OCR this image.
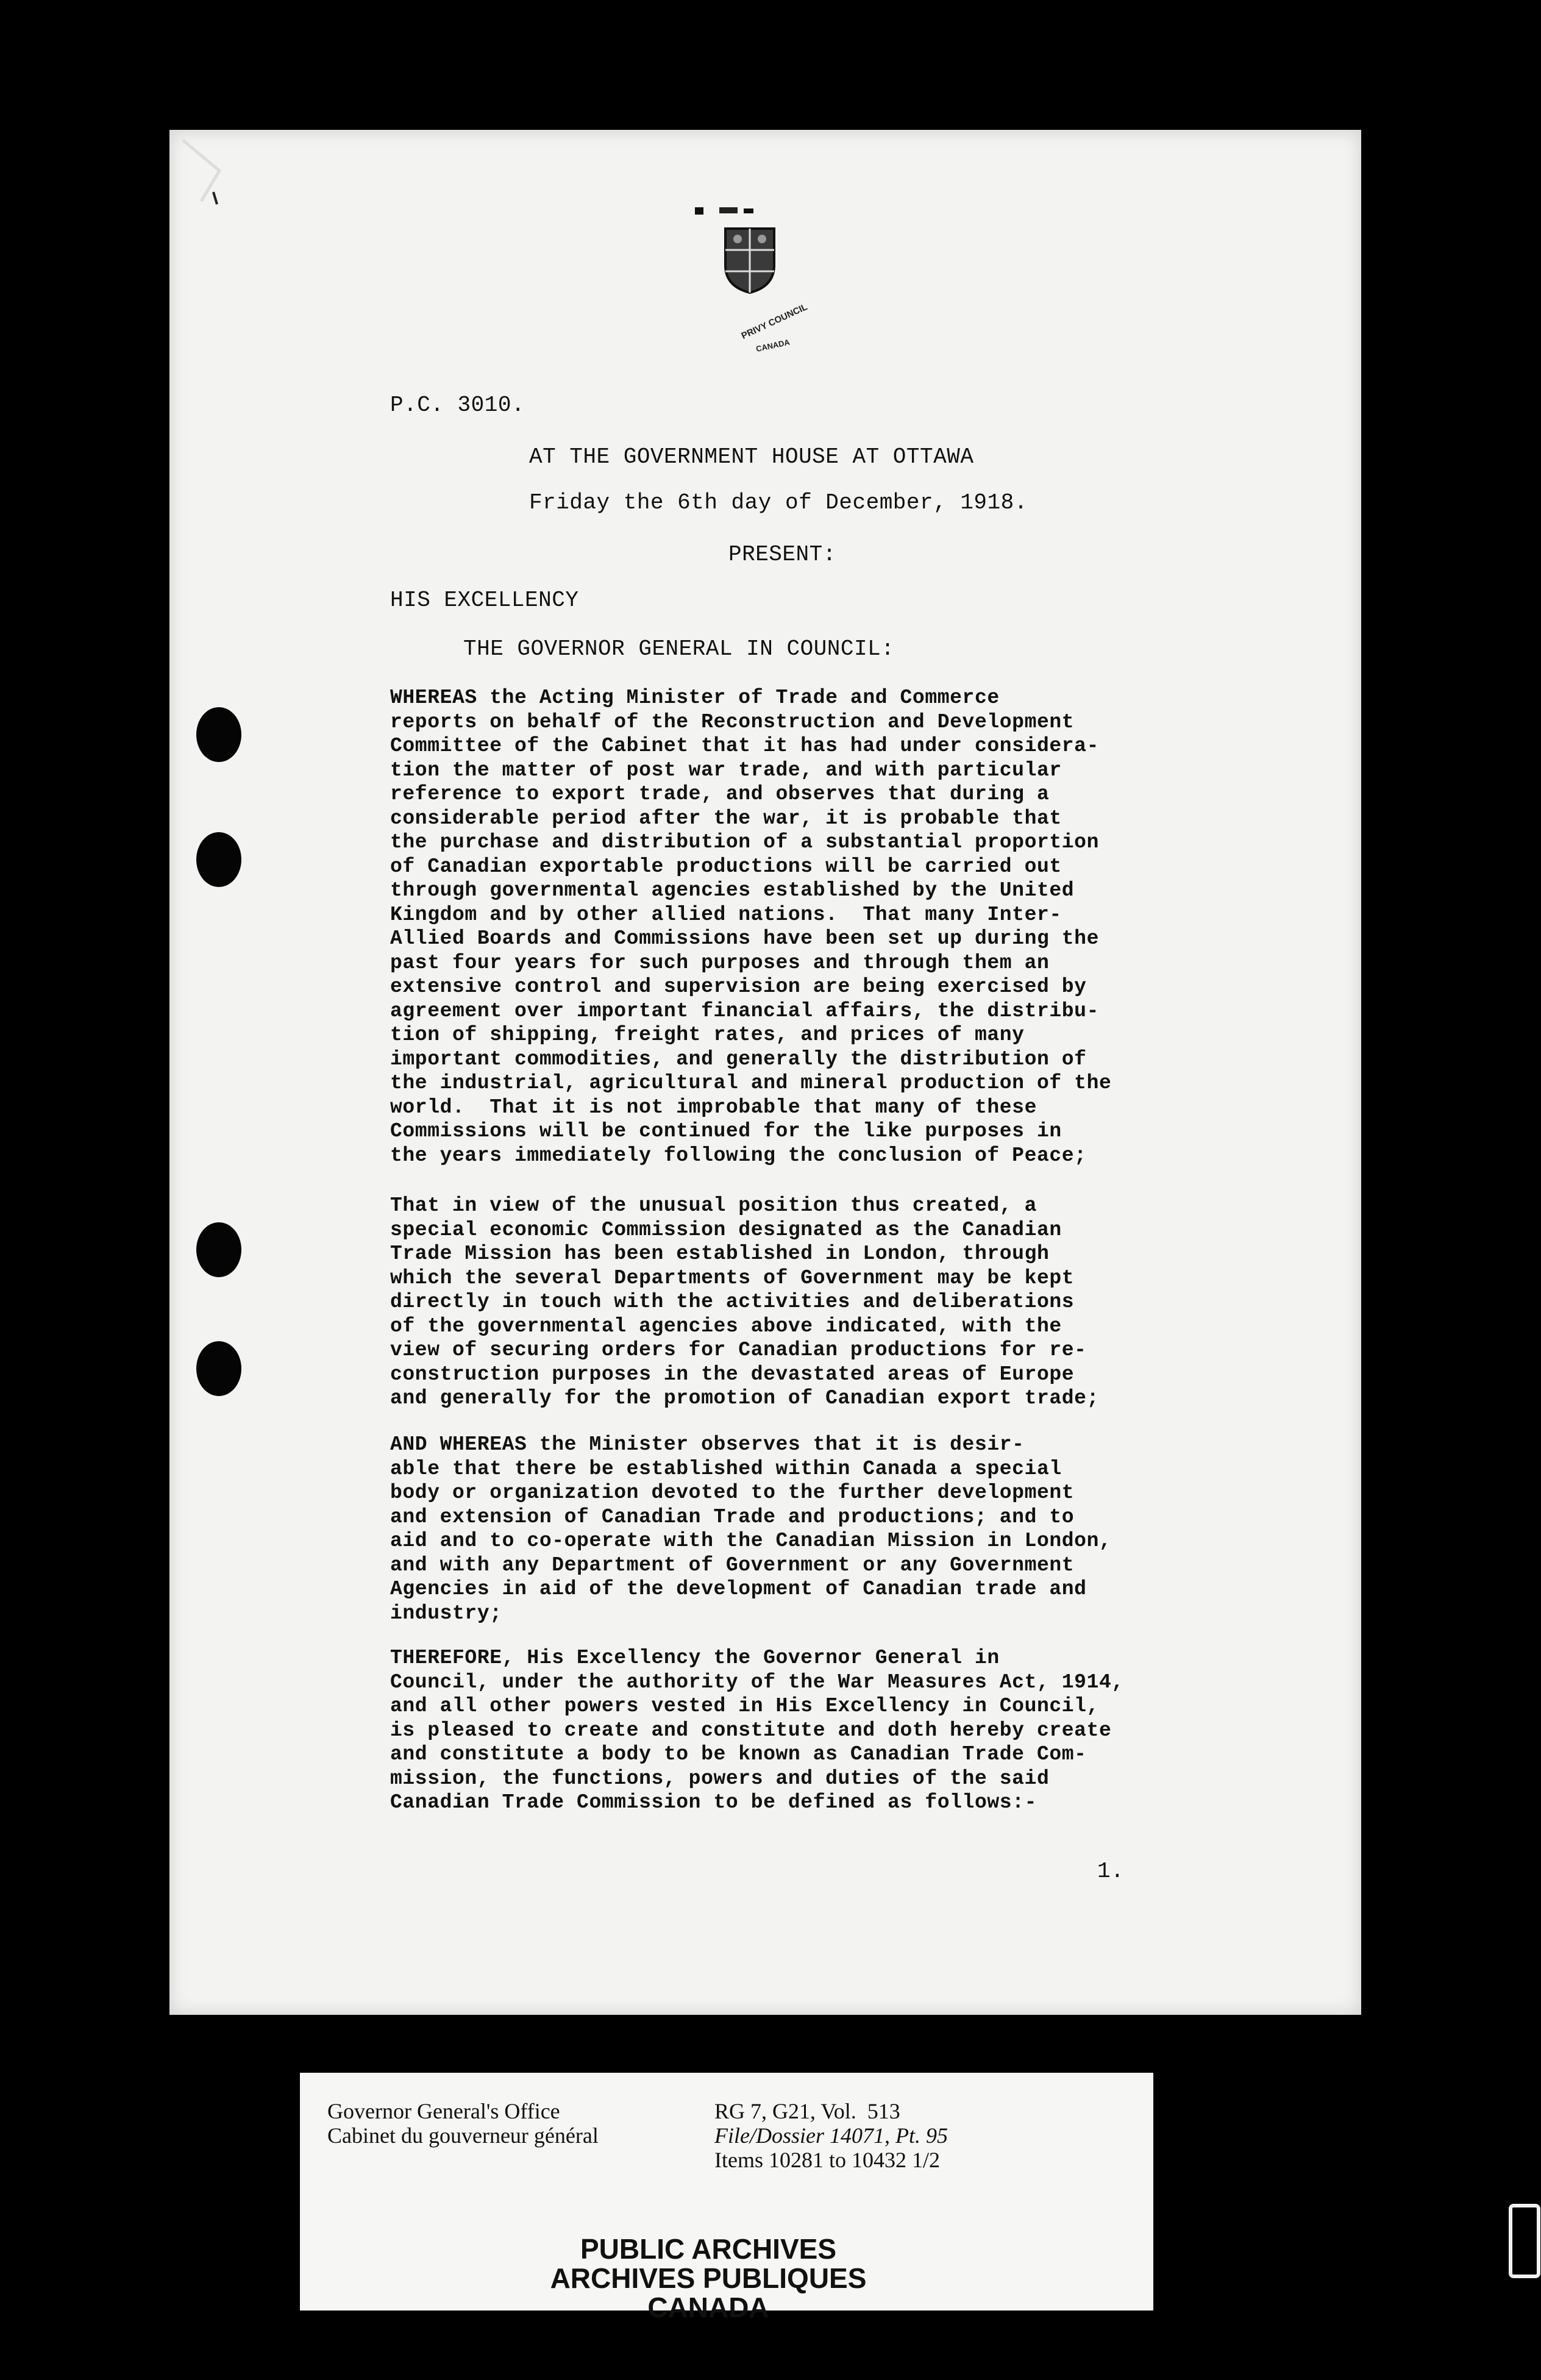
PRIVY COUNCIL
CANADA
P.C. 3010.
AT THE GOVERNMENT HOUSE AT OTTAWA
Friday the 6th day of December, 1918.
PRESENT:
HIS EXCELLENCY
THE GOVERNOR GENERAL IN COUNCIL:
WHEREAS the Acting Minister of Trade and Commerce
reports on behalf of the Reconstruction and Development
Committee of the Cabinet that it has had under considera-
tion the matter of post war trade, and with particular
reference to export trade, and observes that during a
considerable period after the war, it is probable that
the purchase and distribution of a substantial proportion
of Canadian exportable productions will be carried out
through governmental agencies established by the United
Kingdom and by other allied nations.  That many Inter-
Allied Boards and Commissions have been set up during the
past four years for such purposes and through them an
extensive control and supervision are being exercised by
agreement over important financial affairs, the distribu-
tion of shipping, freight rates, and prices of many
important commodities, and generally the distribution of
the industrial, agricultural and mineral production of the
world.  That it is not improbable that many of these
Commissions will be continued for the like purposes in
the years immediately following the conclusion of Peace;
That in view of the unusual position thus created, a
special economic Commission designated as the Canadian
Trade Mission has been established in London, through
which the several Departments of Government may be kept
directly in touch with the activities and deliberations
of the governmental agencies above indicated, with the
view of securing orders for Canadian productions for re-
construction purposes in the devastated areas of Europe
and generally for the promotion of Canadian export trade;
AND WHEREAS the Minister observes that it is desir-
able that there be established within Canada a special
body or organization devoted to the further development
and extension of Canadian Trade and productions; and to
aid and to co-operate with the Canadian Mission in London,
and with any Department of Government or any Government
Agencies in aid of the development of Canadian trade and
industry;
THEREFORE, His Excellency the Governor General in
Council, under the authority of the War Measures Act, 1914,
and all other powers vested in His Excellency in Council,
is pleased to create and constitute and doth hereby create
and constitute a body to be known as Canadian Trade Com-
mission, the functions, powers and duties of the said
Canadian Trade Commission to be defined as follows:-
1.
Governor General's Office
Cabinet du gouverneur général
RG 7, G21, Vol.  513
File/Dossier 14071, Pt. 95
Items 10281 to 10432 1/2
PUBLIC ARCHIVES
ARCHIVES PUBLIQUES
CANADA
